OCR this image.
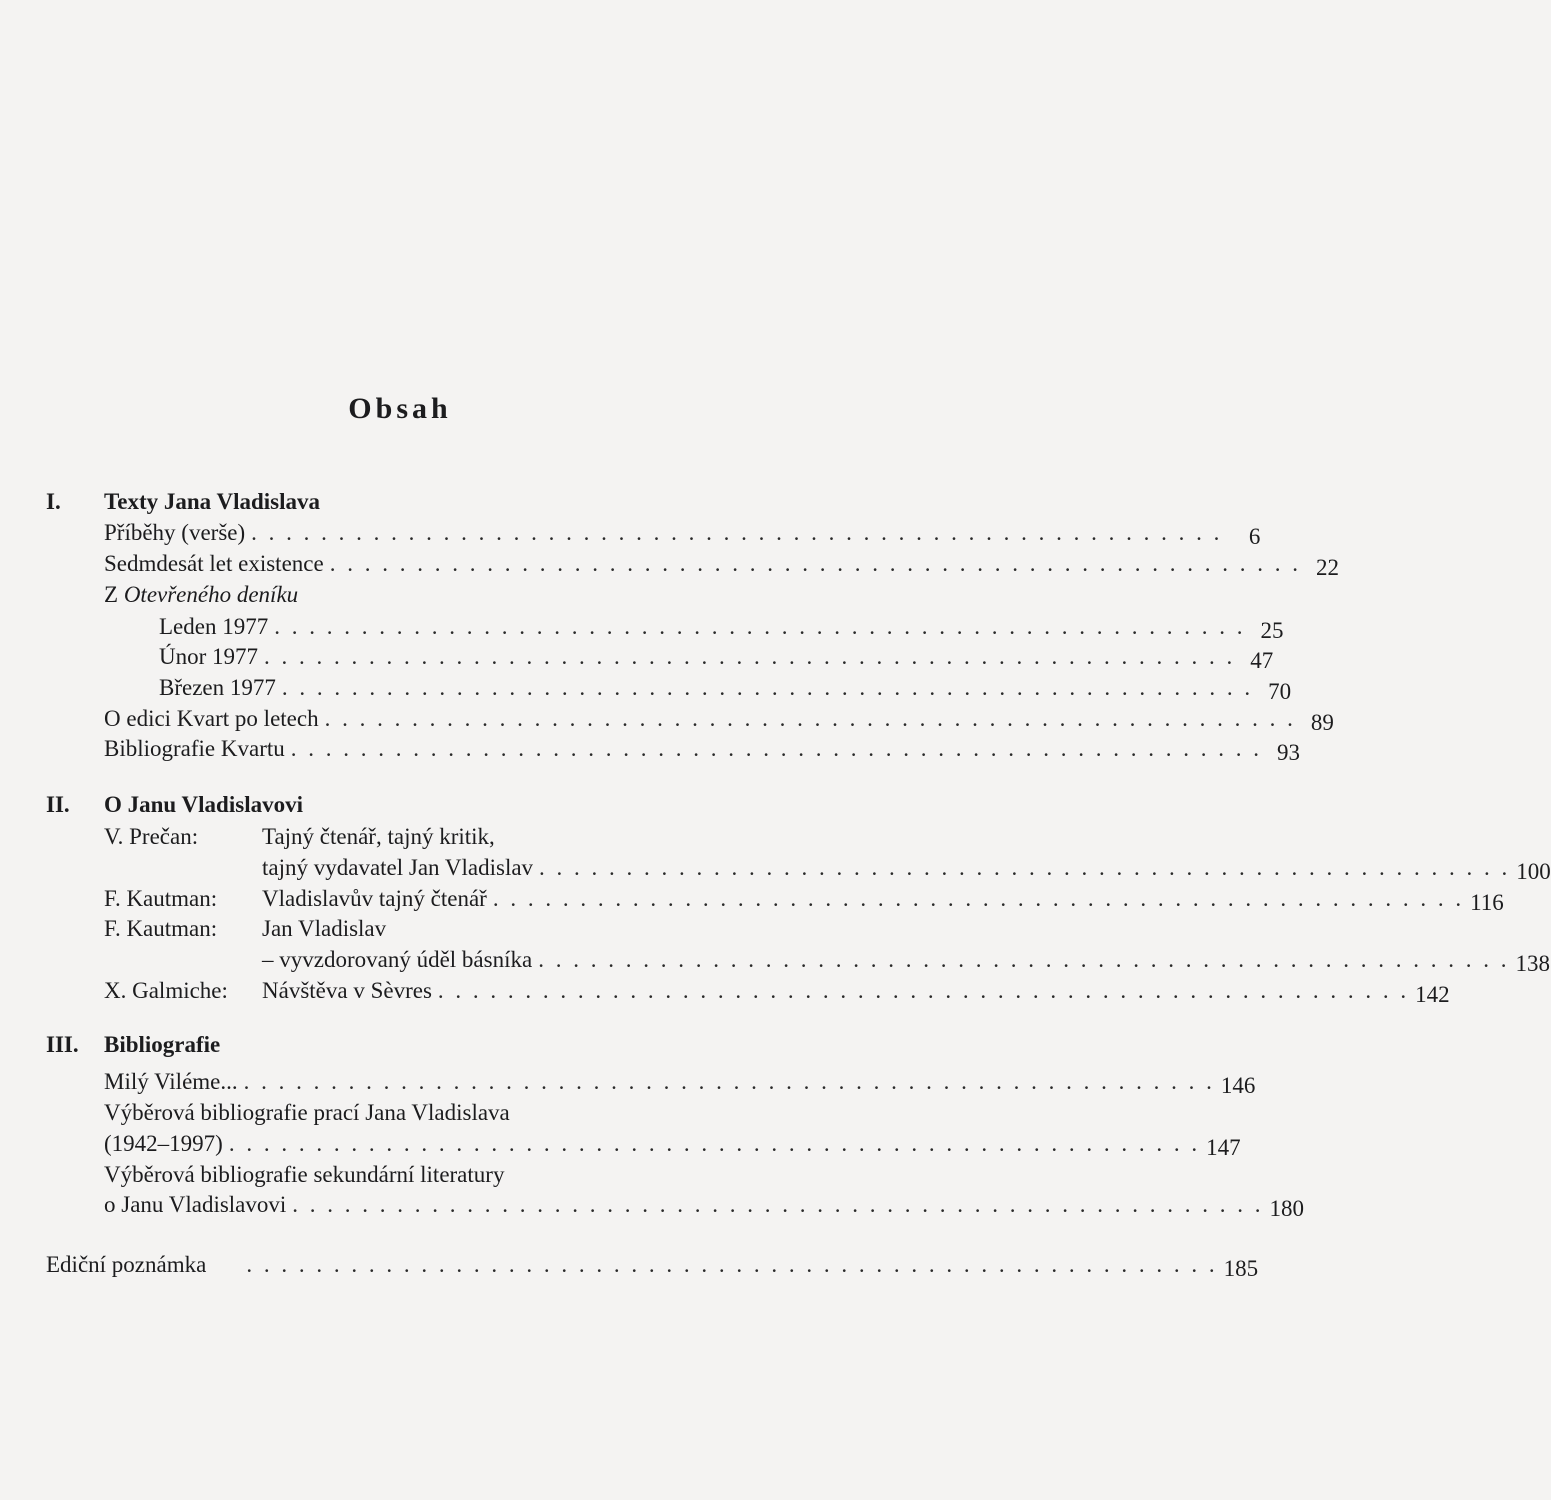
Obsah
I. Texty Jana Vladislava
Příběhy (verše) . . . . . . . . . . . . . . . . . . . . . . . . . . . . . . . . . . . . . . . . . . . . . . . . . . . . . . . .	6
Sedmdesát let existence . . . . . . . . . . . . . . . . . . . . . . . . . . . . . . . . . . . . . . . . . . . . . . . . . . . . . . . . 22
Z Otevřeného deníku
Leden 1977 . . . . . . . . . . . . . . . . . . . . . . . . . . . . . . . . . . . . . . . . . . . . . . . . . . . . . . . . 25
Únor 1977 . . . . . . . . . . . . . . . . . . . . . . . . . . . . . . . . . . . . . . . . . . . . . . . . . . . . . . . . 47
Březen 1977 . . . . . . . . . . . . . . . . . . . . . . . . . . . . . . . . . . . . . . . . . . . . . . . . . . . . . . . . 70
O edici Kvart po letech . . . . . . . . . . . . . . . . . . . . . . . . . . . . . . . . . . . . . . . . . . . . . . . . . . . . . . . . 89
Bibliografie Kvartu . . . . . . . . . . . . . . . . . . . . . . . . . . . . . . . . . . . . . . . . . . . . . . . . . . . . . . . . 93
II. O Janu Vladislavovi
V. Prečan:	Tajný čtenář, tajný kritik,
tajný vydavatel Jan Vladislav . . . . . . . . . . . . . . . . . . . . . . . . . . . . . . . . . . . . . . . . . . . . . . . . . . . . . . . . 100
F. Kautman: Vladislavův tajný čtenář . . . . . . . . . . . . . . . . . . . . . . . . . . . . . . . . . . . . . . . . . . . . . . . . . . . . . . . . 116
F. Kautman: Jan Vladislav
– vyvzdorovaný úděl básníka . . . . . . . . . . . . . . . . . . . . . . . . . . . . . . . . . . . . . . . . . . . . . . . . . . . . . . . . 138
X. Galmiche: Návštěva v Sèvres . . . . . . . . . . . . . . . . . . . . . . . . . . . . . . . . . . . . . . . . . . . . . . . . . . . . . . . . 142
III. Bibliografie
Milý Viléme... . . . . . . . . . . . . . . . . . . . . . . . . . . . . . . . . . . . . . . . . . . . . . . . . . . . . . . . . 146
Výběrová bibliografie prací Jana Vladislava
(1942–1997) . . . . . . . . . . . . . . . . . . . . . . . . . . . . . . . . . . . . . . . . . . . . . . . . . . . . . . . . 147
Výběrová bibliografie sekundární literatury
o Janu Vladislavovi . . . . . . . . . . . . . . . . . . . . . . . . . . . . . . . . . . . . . . . . . . . . . . . . . . . . . . . . 180
Ediční poznámka . . . . . . . . . . . . . . . . . . . . . . . . . . . . . . . . . . . . . . . . . . . . . . . . . . . . . . . . 185
